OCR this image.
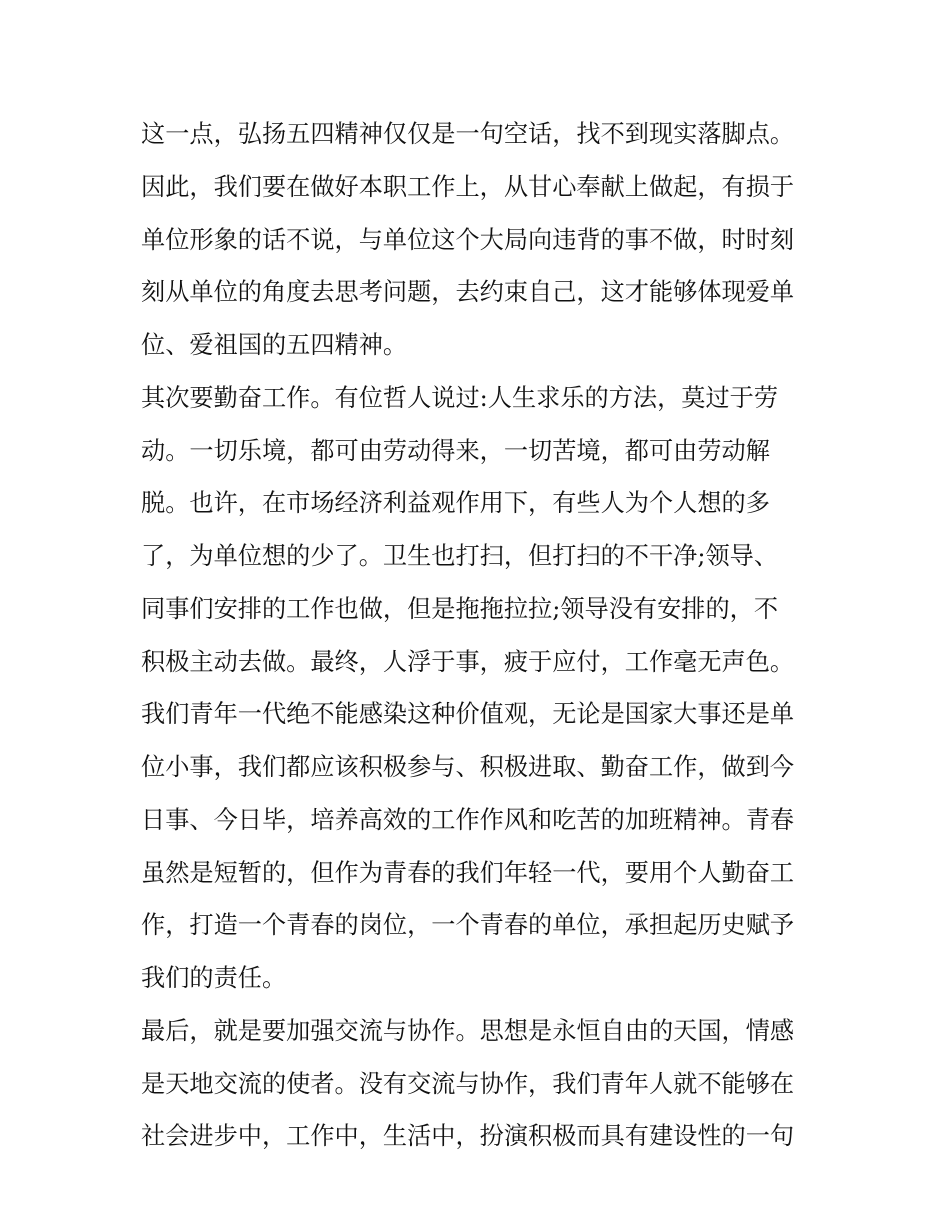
这一点，弘扬五四精神仅仅是一句空话，找不到现实落脚点。
因此，我们要在做好本职工作上，从甘心奉献上做起，有损于
单位形象的话不说，与单位这个大局向违背的事不做，时时刻
刻从单位的角度去思考问题，去约束自己，这才能够体现爱单
位、爱祖国的五四精神。
其次要勤奋工作。有位哲人说过:人生求乐的方法，莫过于劳
动。一切乐境，都可由劳动得来，一切苦境，都可由劳动解
脱。也许，在市场经济利益观作用下，有些人为个人想的多
了，为单位想的少了。卫生也打扫，但打扫的不干净;领导、
同事们安排的工作也做，但是拖拖拉拉;领导没有安排的，不
积极主动去做。最终，人浮于事，疲于应付，工作毫无声色。
我们青年一代绝不能感染这种价值观，无论是国家大事还是单
位小事，我们都应该积极参与、积极进取、勤奋工作，做到今
日事、今日毕，培养高效的工作作风和吃苦的加班精神。青春
虽然是短暂的，但作为青春的我们年轻一代，要用个人勤奋工
作，打造一个青春的岗位，一个青春的单位，承担起历史赋予
我们的责任。
最后，就是要加强交流与协作。思想是永恒自由的天国，情感
是天地交流的使者。没有交流与协作，我们青年人就不能够在
社会进步中，工作中，生活中，扮演积极而具有建设性的一句
